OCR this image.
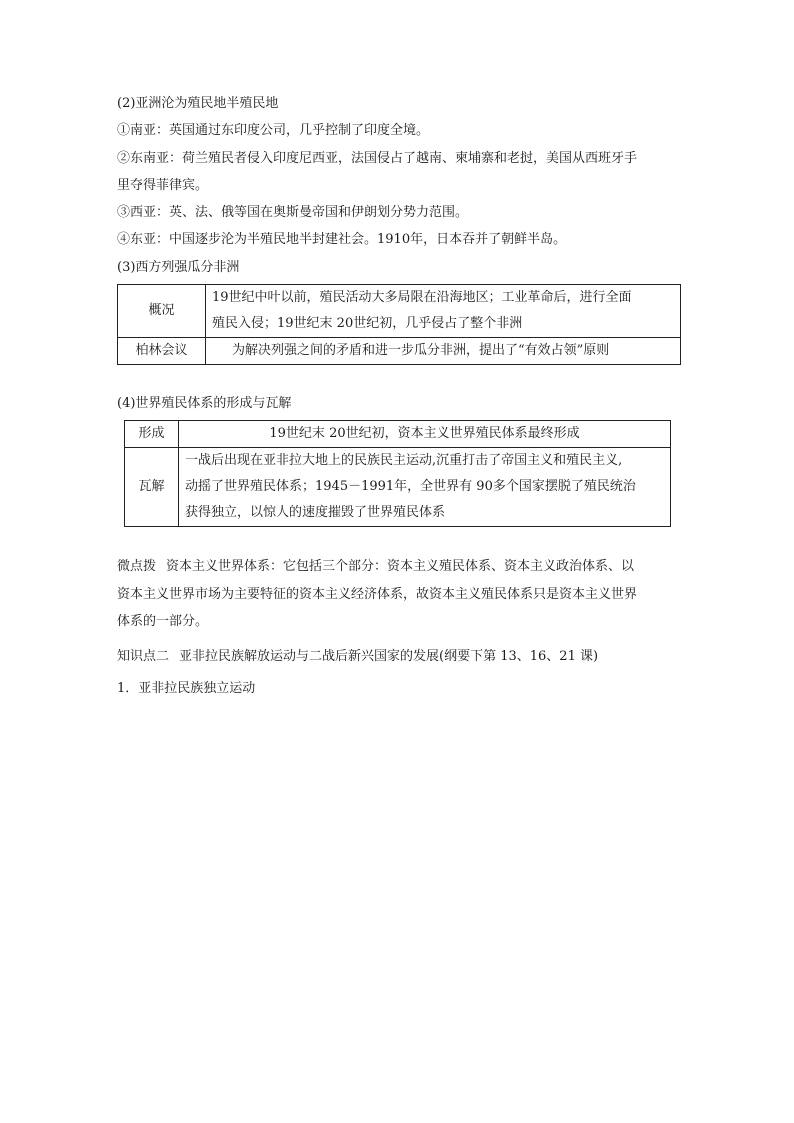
(2)亚洲沦为殖民地半殖民地
①南亚：英国通过东印度公司，几乎控制了印度全境。
②东南亚：荷兰殖民者侵入印度尼西亚，法国侵占了越南、柬埔寨和老挝，美国从西班牙手
里夺得菲律宾。
③西亚：英、法、俄等国在奥斯曼帝国和伊朗划分势力范围。
④东亚：中国逐步沦为半殖民地半封建社会。1910年，日本吞并了朝鲜半岛。
(3)西方列强瓜分非洲
概况	19世纪中叶以前，殖民活动大多局限在沿海地区；工业革命后，进行全面
殖民入侵；19世纪末 20世纪初，几乎侵占了整个非洲

柏林会议	为解决列强之间的矛盾和进一步瓜分非洲，提出了“有效占领”原则
(4)世界殖民体系的形成与瓦解
形成	19世纪末 20世纪初，资本主义世界殖民体系最终形成
瓦解	一战后出现在亚非拉大地上的民族民主运动,沉重打击了帝国主义和殖民主义,
动摇了世界殖民体系；1945－1991年，全世界有 90多个国家摆脱了殖民统治
获得独立，以惊人的速度摧毁了世界殖民体系
微点拨 资本主义世界体系：它包括三个部分：资本主义殖民体系、资本主义政治体系、以
资本主义世界市场为主要特征的资本主义经济体系，故资本主义殖民体系只是资本主义世界
体系的一部分。
知识点二 亚非拉民族解放运动与二战后新兴国家的发展(纲要下第 13、16、21 课)
1．亚非拉民族独立运动
